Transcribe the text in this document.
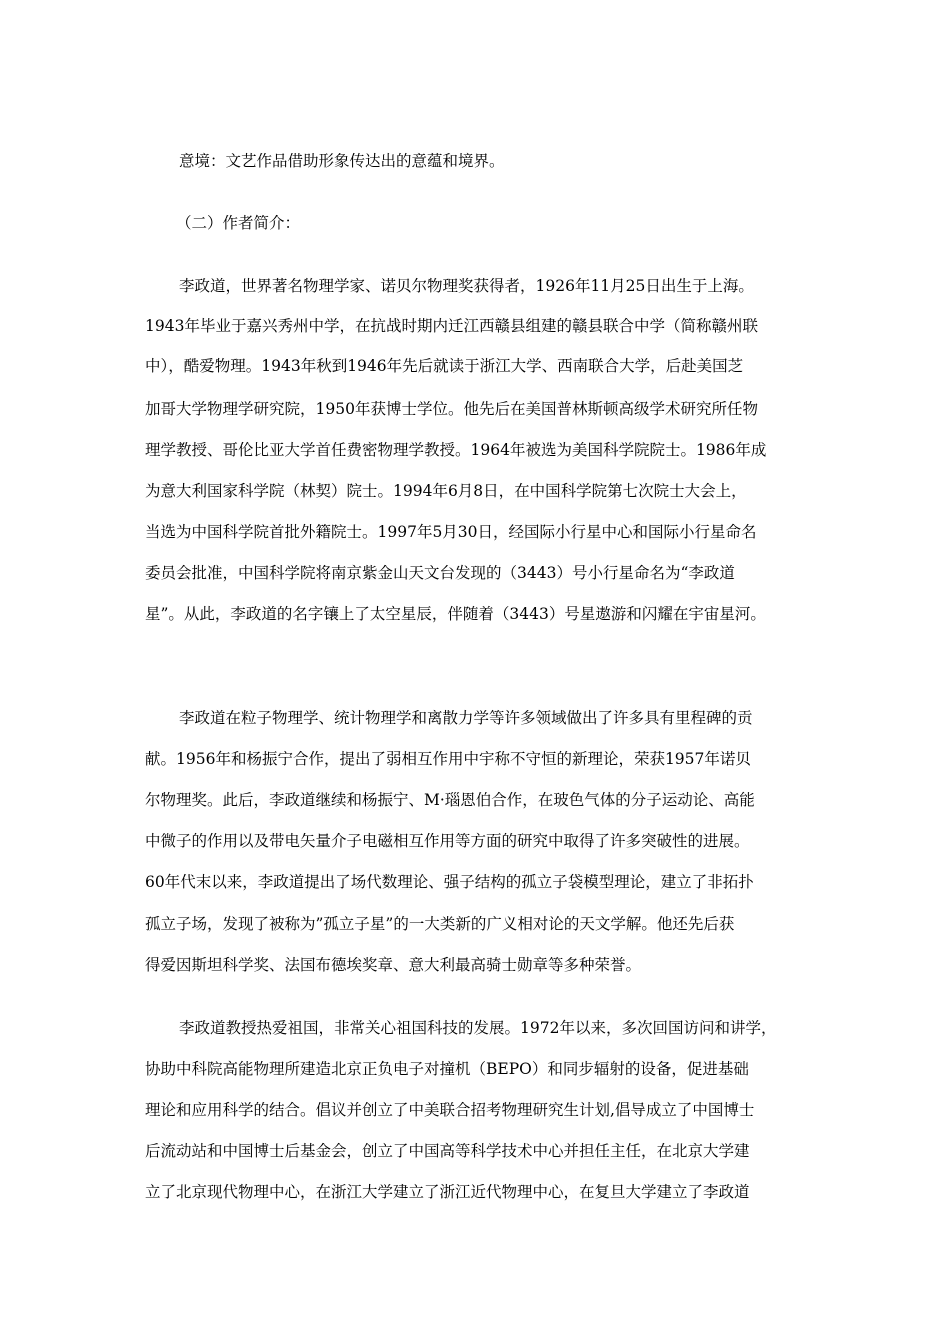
意境：文艺作品借助形象传达出的意蕴和境界。
（二）作者简介：
李政道，世界著名物理学家、诺贝尔物理奖获得者，1926年11月25日出生于上海。
1943年毕业于嘉兴秀州中学，在抗战时期内迁江西赣县组建的赣县联合中学（简称赣州联
中），酷爱物理。1943年秋到1946年先后就读于浙江大学、西南联合大学，后赴美国芝
加哥大学物理学研究院，1950年获博士学位。他先后在美国普林斯顿高级学术研究所任物
理学教授、哥伦比亚大学首任费密物理学教授。1964年被选为美国科学院院士。1986年成
为意大利国家科学院（林契）院士。1994年6月8日，在中国科学院第七次院士大会上，
当选为中国科学院首批外籍院士。1997年5月30日，经国际小行星中心和国际小行星命名
委员会批准，中国科学院将南京紫金山天文台发现的（3443）号小行星命名为“李政道
星”。从此，李政道的名字镶上了太空星辰，伴随着（3443）号星遨游和闪耀在宇宙星河。
李政道在粒子物理学、统计物理学和离散力学等许多领域做出了许多具有里程碑的贡
献。1956年和杨振宁合作，提出了弱相互作用中宇称不守恒的新理论，荣获1957年诺贝
尔物理奖。此后，李政道继续和杨振宁、M·瑙恩伯合作，在玻色气体的分子运动论、高能
中微子的作用以及带电矢量介子电磁相互作用等方面的研究中取得了许多突破性的进展。
60年代末以来，李政道提出了场代数理论、强子结构的孤立子袋模型理论，建立了非拓扑
孤立子场，发现了被称为”孤立子星”的一大类新的广义相对论的天文学解。他还先后获
得爱因斯坦科学奖、法国布德埃奖章、意大利最高骑士勋章等多种荣誉。
李政道教授热爱祖国，非常关心祖国科技的发展。1972年以来，多次回国访问和讲学，
协助中科院高能物理所建造北京正负电子对撞机（BEPO）和同步辐射的设备，促进基础
理论和应用科学的结合。倡议并创立了中美联合招考物理研究生计划,倡导成立了中国博士
后流动站和中国博士后基金会，创立了中国高等科学技术中心并担任主任，在北京大学建
立了北京现代物理中心，在浙江大学建立了浙江近代物理中心，在复旦大学建立了李政道
